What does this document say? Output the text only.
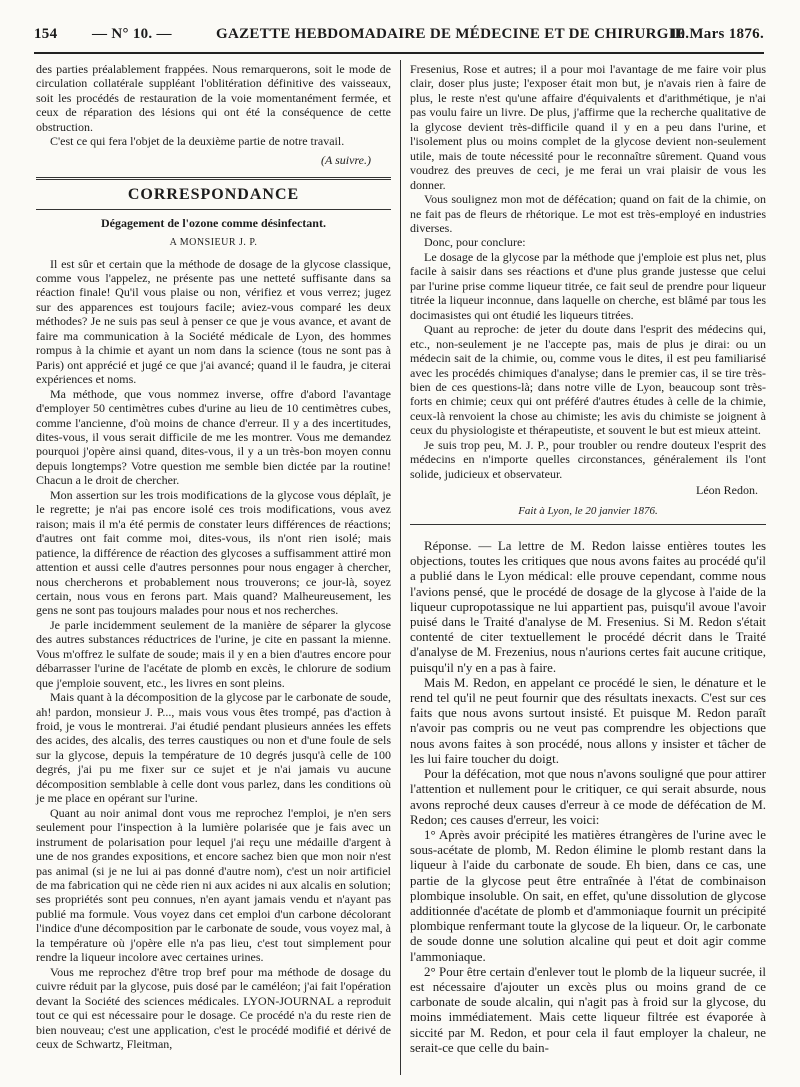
154 — N° 10. —	GAZETTE HEBDOMADAIRE DE MÉDECINE ET DE CHIRURGIE.
10 Mars 1876.

des parties préalablement frappées. Nous remarquerons, soit le mode de circulation collatérale suppléant l'oblitération définitive des vaisseaux, soit les procédés de restauration de la voie momentanément fermée, et ceux de réparation des lésions qui ont été la conséquence de cette obstruction.

C'est ce qui fera l'objet de la deuxième partie de notre travail.

(A suivre.)
CORRESPONDANCE
Dégagement de l'ozone comme désinfectant.
A MONSIEUR J. P.

Il est sûr et certain que la méthode de dosage de la glycose classique, comme vous l'appelez, ne présente pas une netteté suffisante dans sa réaction finale! Qu'il vous plaise ou non, vérifiez et vous verrez; jugez sur des apparences est toujours facile; aviez-vous comparé les deux méthodes? Je ne suis pas seul à penser ce que je vous avance, et avant de faire ma communication à la Société médicale de Lyon, des hommes rompus à la chimie et ayant un nom dans la science (tous ne sont pas à Paris) ont apprécié et jugé ce que j'ai avancé; quand il le faudra, je citerai expériences et noms.

Ma méthode, que vous nommez inverse, offre d'abord l'avantage d'employer 50 centimètres cubes d'urine au lieu de 10 centimètres cubes, comme l'ancienne, d'où moins de chance d'erreur. Il y a des incertitudes, dites-vous, il vous serait difficile de me les montrer. Vous me demandez pourquoi j'opère ainsi quand, dites-vous, il y a un très-bon moyen connu depuis longtemps? Votre question me semble bien dictée par la routine! Chacun a le droit de chercher.

Mon assertion sur les trois modifications de la glycose vous déplaît, je le regrette; je n'ai pas encore isolé ces trois modifications, vous avez raison; mais il m'a été permis de constater leurs différences de réactions; d'autres ont fait comme moi, dites-vous, ils n'ont rien isolé; mais patience, la différence de réaction des glycoses a suffisamment attiré mon attention et aussi celle d'autres personnes pour nous engager à chercher, nous chercherons et probablement nous trouverons; ce jour-là, soyez certain, nous vous en ferons part. Mais quand? Malheureusement, les gens ne sont pas toujours malades pour nous et nos recherches.

Je parle incidemment seulement de la manière de séparer la glycose des autres substances réductrices de l'urine, je cite en passant la mienne. Vous m'offrez le sulfate de soude; mais il y en a bien d'autres encore pour débarrasser l'urine de l'acétate de plomb en excès, le chlorure de sodium que j'emploie souvent, etc., les livres en sont pleins.

Mais quant à la décomposition de la glycose par le carbonate de soude, ah! pardon, monsieur J. P..., mais vous vous êtes trompé, pas d'action à froid, je vous le montrerai. J'ai étudié pendant plusieurs années les effets des acides, des alcalis, des terres caustiques ou non et d'une foule de sels sur la glycose, depuis la température de 10 degrés jusqu'à celle de 100 degrés, j'ai pu me fixer sur ce sujet et je n'ai jamais vu aucune décomposition semblable à celle dont vous parlez, dans les conditions où je me place en opérant sur l'urine.

Quant au noir animal dont vous me reprochez l'emploi, je n'en sers seulement pour l'inspection à la lumière polarisée que je fais avec un instrument de polarisation pour lequel j'ai reçu une médaille d'argent à une de nos grandes expositions, et encore sachez bien que mon noir n'est pas animal (si je ne lui ai pas donné d'autre nom), c'est un noir artificiel de ma fabrication qui ne cède rien ni aux acides ni aux alcalis en solution; ses propriétés sont peu connues, n'en ayant jamais vendu et n'ayant pas publié ma formule. Vous voyez dans cet emploi d'un carbone décolorant l'indice d'une décomposition par le carbonate de soude, vous voyez mal, à la température où j'opère elle n'a pas lieu, c'est tout simplement pour rendre la liqueur incolore avec certaines urines.

Vous me reprochez d'être trop bref pour ma méthode de dosage du cuivre réduit par la glycose, puis dosé par le caméléon; j'ai fait l'opération devant la Société des sciences médicales. LYON-JOURNAL a reproduit tout ce qui est nécessaire pour le dosage. Ce procédé n'a du reste rien de bien nouveau; c'est une application, c'est le procédé modifié et dérivé de ceux de Schwartz, Fleitman,

Fresenius, Rose et autres; il a pour moi l'avantage de me faire voir plus clair, doser plus juste; l'exposer était mon but, je n'avais rien à faire de plus, le reste n'est qu'une affaire d'équivalents et d'arithmétique, je n'ai pas voulu faire un livre. De plus, j'affirme que la recherche qualitative de la glycose devient très-difficile quand il y en a peu dans l'urine, et l'isolement plus ou moins complet de la glycose devient non-seulement utile, mais de toute nécessité pour le reconnaître sûrement. Quand vous voudrez des preuves de ceci, je me ferai un vrai plaisir de vous les donner.

Vous soulignez mon mot de défécation; quand on fait de la chimie, on ne fait pas de fleurs de rhétorique. Le mot est très-employé en industries diverses.

Donc, pour conclure:

Le dosage de la glycose par la méthode que j'emploie est plus net, plus facile à saisir dans ses réactions et d'une plus grande justesse que celui par l'urine prise comme liqueur titrée, ce fait seul de prendre pour liqueur titrée la liqueur inconnue, dans laquelle on cherche, est blâmé par tous les docimasistes qui ont étudié les liqueurs titrées.

Quant au reproche: de jeter du doute dans l'esprit des médecins qui, etc., non-seulement je ne l'accepte pas, mais de plus je dirai: ou un médecin sait de la chimie, ou, comme vous le dites, il est peu familiarisé avec les procédés chimiques d'analyse; dans le premier cas, il se tire très-bien de ces questions-là; dans notre ville de Lyon, beaucoup sont très-forts en chimie; ceux qui ont préféré d'autres études à celle de la chimie, ceux-là renvoient la chose au chimiste; les avis du chimiste se joignent à ceux du physiologiste et thérapeutiste, et souvent le but est mieux atteint.

Je suis trop peu, M. J. P., pour troubler ou rendre douteux l'esprit des médecins en n'importe quelles circonstances, généralement ils l'ont solide, judicieux et observateur.

Léon Redon.
Fait à Lyon, le 20 janvier 1876.

Réponse. — La lettre de M. Redon laisse entières toutes les objections, toutes les critiques que nous avons faites au procédé qu'il a publié dans le Lyon médical: elle prouve cependant, comme nous l'avions pensé, que le procédé de dosage de la glycose à l'aide de la liqueur cupropotassique ne lui appartient pas, puisqu'il avoue l'avoir puisé dans le Traité d'analyse de M. Fresenius. Si M. Redon s'était contenté de citer textuellement le procédé décrit dans le Traité d'analyse de M. Frezenius, nous n'aurions certes fait aucune critique, puisqu'il n'y en a pas à faire.

Mais M. Redon, en appelant ce procédé le sien, le dénature et le rend tel qu'il ne peut fournir que des résultats inexacts. C'est sur ces faits que nous avons surtout insisté. Et puisque M. Redon paraît n'avoir pas compris ou ne veut pas comprendre les objections que nous avons faites à son procédé, nous allons y insister et tâcher de les lui faire toucher du doigt.

Pour la défécation, mot que nous n'avons souligné que pour attirer l'attention et nullement pour le critiquer, ce qui serait absurde, nous avons reproché deux causes d'erreur à ce mode de défécation de M. Redon; ces causes d'erreur, les voici:

1° Après avoir précipité les matières étrangères de l'urine avec le sous-acétate de plomb, M. Redon élimine le plomb restant dans la liqueur à l'aide du carbonate de soude. Eh bien, dans ce cas, une partie de la glycose peut être entraînée à l'état de combinaison plombique insoluble. On sait, en effet, qu'une dissolution de glycose additionnée d'acétate de plomb et d'ammoniaque fournit un précipité plombique renfermant toute la glycose de la liqueur. Or, le carbonate de soude donne une solution alcaline qui peut et doit agir comme l'ammoniaque.

2° Pour être certain d'enlever tout le plomb de la liqueur sucrée, il est nécessaire d'ajouter un excès plus ou moins grand de ce carbonate de soude alcalin, qui n'agit pas à froid sur la glycose, du moins immédiatement. Mais cette liqueur filtrée est évaporée à siccité par M. Redon, et pour cela il faut employer la chaleur, ne serait-ce que celle du bain-
